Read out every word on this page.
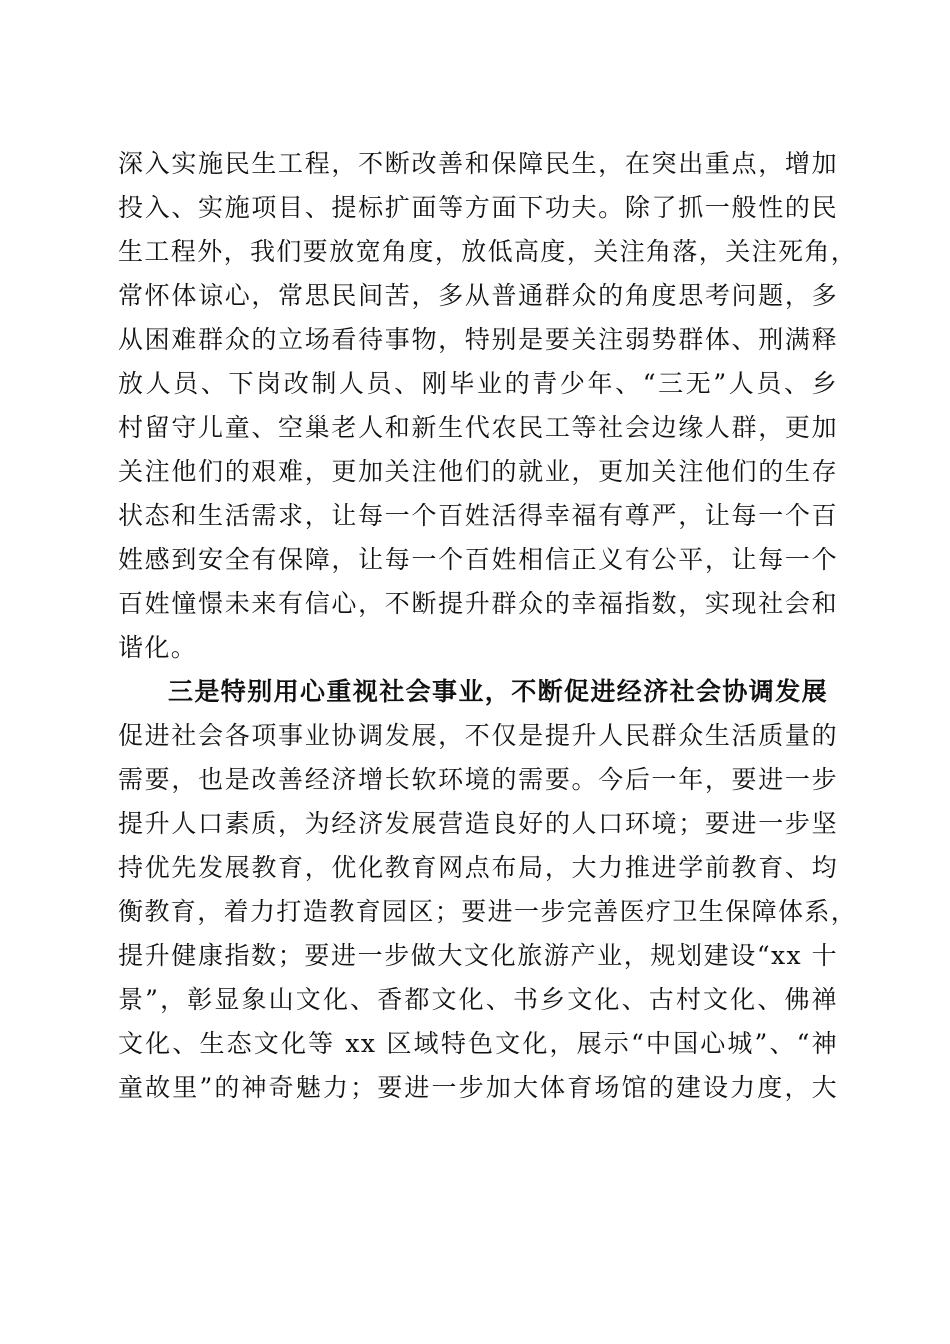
深入实施民生工程，不断改善和保障民生，在突出重点，增加
投入、实施项目、提标扩面等方面下功夫。除了抓一般性的民
生工程外，我们要放宽角度，放低高度，关注角落，关注死角，
常怀体谅心，常思民间苦，多从普通群众的角度思考问题，多
从困难群众的立场看待事物，特别是要关注弱势群体、刑满释
放人员、下岗改制人员、刚毕业的青少年、“三无”人员、乡
村留守儿童、空巢老人和新生代农民工等社会边缘人群，更加
关注他们的艰难，更加关注他们的就业，更加关注他们的生存
状态和生活需求，让每一个百姓活得幸福有尊严，让每一个百
姓感到安全有保障，让每一个百姓相信正义有公平，让每一个
百姓憧憬未来有信心，不断提升群众的幸福指数，实现社会和
谐化。
三是特别用心重视社会事业，不断促进经济社会协调发展
促进社会各项事业协调发展，不仅是提升人民群众生活质量的
需要，也是改善经济增长软环境的需要。今后一年，要进一步
提升人口素质，为经济发展营造良好的人口环境；要进一步坚
持优先发展教育，优化教育网点布局，大力推进学前教育、均
衡教育，着力打造教育园区；要进一步完善医疗卫生保障体系，
提升健康指数；要进一步做大文化旅游产业，规划建设“xx 十
景”，彰显象山文化、香都文化、书乡文化、古村文化、佛禅
文化、生态文化等 xx 区域特色文化，展示“中国心城”、“神
童故里”的神奇魅力；要进一步加大体育场馆的建设力度，大
